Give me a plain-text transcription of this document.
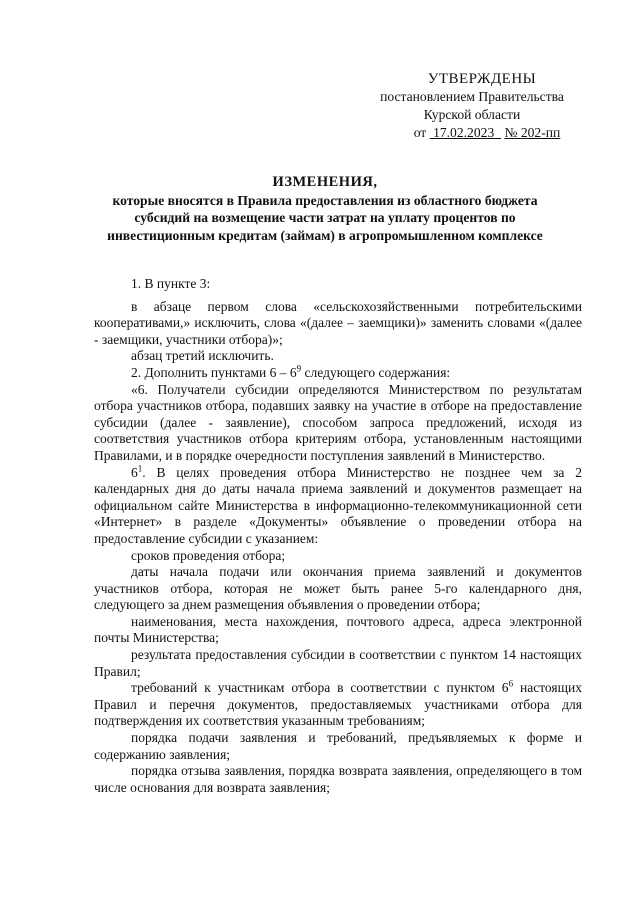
УТВЕРЖДЕНЫ
постановлением Правительства
Курской области
от 17.02.2023 № 202-пп
ИЗМЕНЕНИЯ,
которые вносятся в Правила предоставления из областного бюджета
субсидий на возмещение части затрат на уплату процентов по
инвестиционным кредитам (займам) в агропромышленном комплексе

1. В пункте 3:

в абзаце первом слова «сельскохозяйственными потребительскими кооперативами,» исключить, слова «(далее – заемщики)» заменить словами «(далее - заемщики, участники отбора)»;

абзац третий исключить.

2. Дополнить пунктами $6 - 6^9$ следующего содержания:

«6. Получатели субсидии определяются Министерством по результатам отбора участников отбора, подавших заявку на участие в отборе на предоставление субсидии (далее - заявление), способом запроса предложений, исходя из соответствия участников отбора критериям отбора, установленным настоящими Правилами, и в порядке очередности поступления заявлений в Министерство.

$6^1$. В целях проведения отбора Министерство не позднее чем за 2 календарных дня до даты начала приема заявлений и документов размещает на официальном сайте Министерства в информационно-телекоммуникационной сети «Интернет» в разделе «Документы» объявление о проведении отбора на предоставление субсидии с указанием:

сроков проведения отбора;

даты начала подачи или окончания приема заявлений и документов участников отбора, которая не может быть ранее 5-го календарного дня, следующего за днем размещения объявления о проведении отбора;

наименования, места нахождения, почтового адреса, адреса электронной почты Министерства;

результата предоставления субсидии в соответствии с пунктом 14 настоящих Правил;

требований к участникам отбора в соответствии с пунктом $6^6$ настоящих Правил и перечня документов, предоставляемых участниками отбора для подтверждения их соответствия указанным требованиям;

порядка подачи заявления и требований, предъявляемых к форме и содержанию заявления;

порядка отзыва заявления, порядка возврата заявления, определяющего в том числе основания для возврата заявления;
